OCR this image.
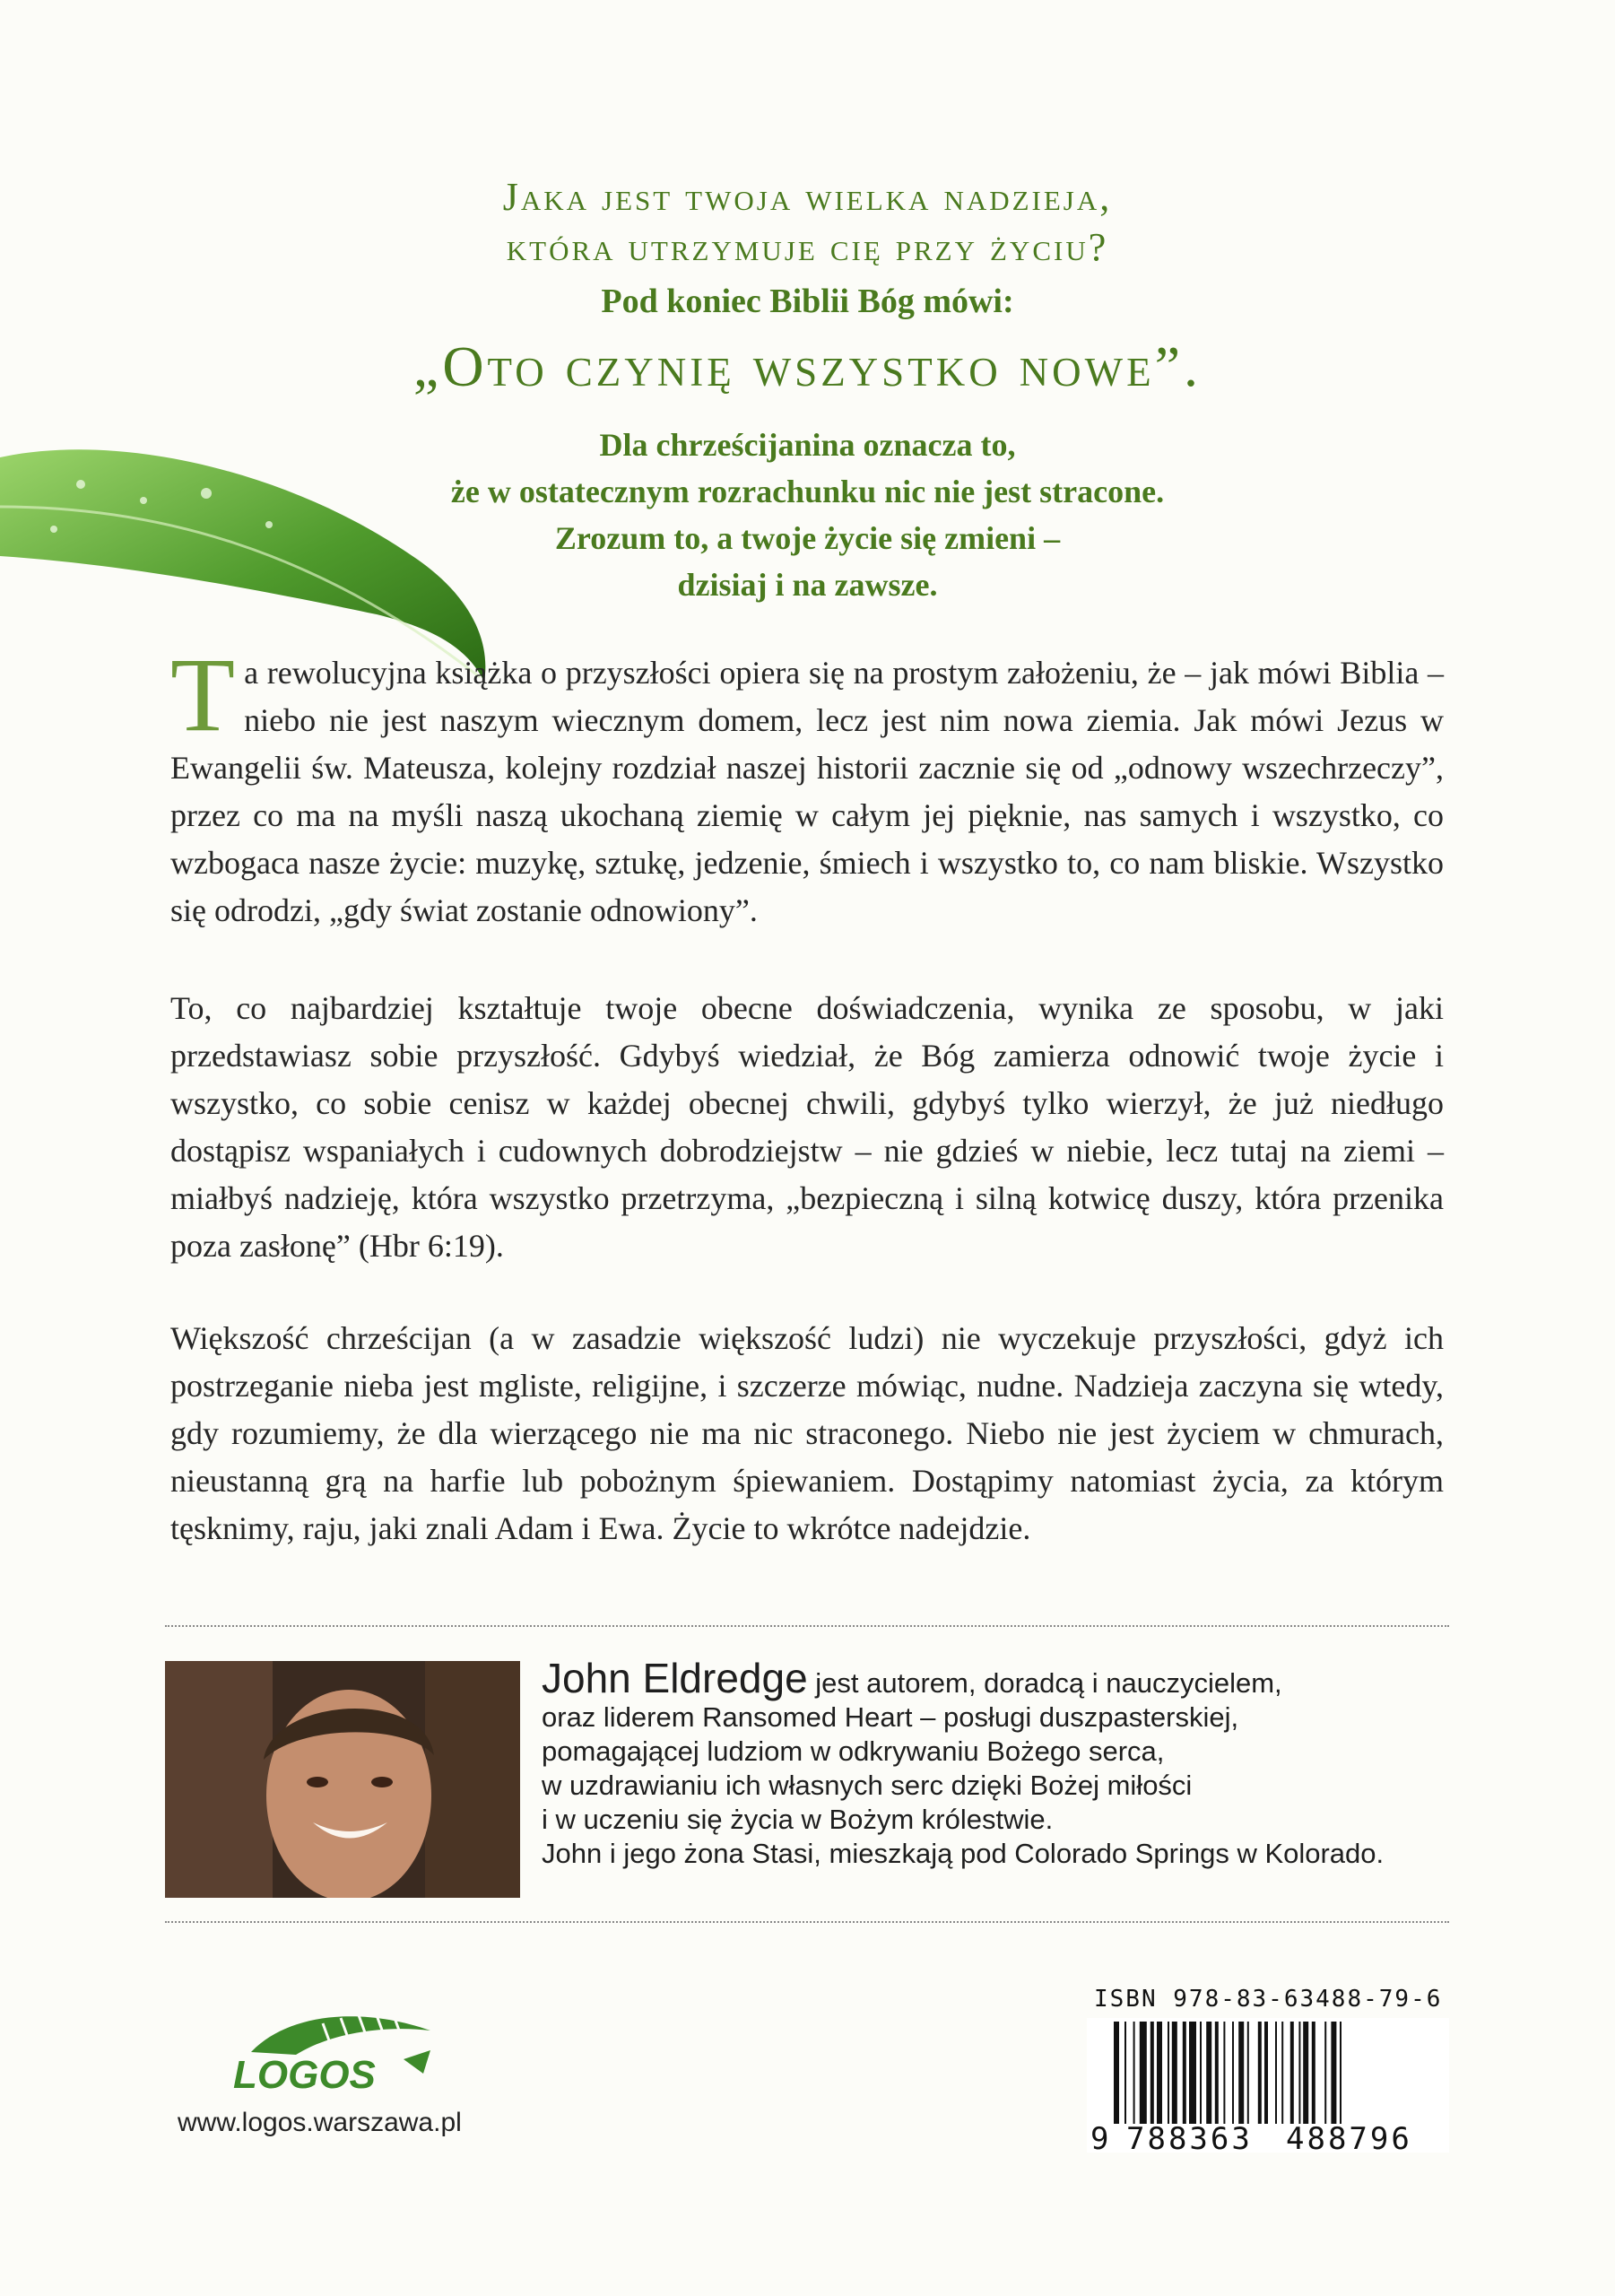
Jaka jest twoja wielka nadzieja,
która utrzymuje cię przy życiu?
Pod koniec Biblii Bóg mówi:
„Oto czynię wszystko nowe”.
Dla chrześcijanina oznacza to,
że w ostatecznym rozrachunku nic nie jest stracone.
Zrozum to, a twoje życie się zmieni –
dzisiaj i na zawsze.
Ta rewolucyjna książka o przyszłości opiera się na prostym założeniu, że – jak mówi Biblia – niebo nie jest naszym wiecznym domem, lecz jest nim nowa ziemia. Jak mówi Jezus w Ewangelii św. Mateusza, kolejny rozdział naszej historii zacznie się od „odnowy wszechrzeczy”, przez co ma na myśli naszą ukochaną ziemię w całym jej pięknie, nas samych i wszystko, co wzbogaca nasze życie: muzykę, sztukę, jedzenie, śmiech i wszystko to, co nam bliskie. Wszystko się odrodzi, „gdy świat zostanie odnowiony”.
To, co najbardziej kształtuje twoje obecne doświadczenia, wynika ze sposobu, w jaki przedstawiasz sobie przyszłość. Gdybyś wiedział, że Bóg zamierza odnowić twoje życie i wszystko, co sobie cenisz w każdej obecnej chwili, gdybyś tylko wierzył, że już niedługo dostąpisz wspaniałych i cudownych dobrodziejstw – nie gdzieś w niebie, lecz tutaj na ziemi – miałbyś nadzieję, która wszystko przetrzyma, „bezpieczną i silną kotwicę duszy, która przenika poza zasłonę” (Hbr 6:19).
Większość chrześcijan (a w zasadzie większość ludzi) nie wyczekuje przyszłości, gdyż ich postrzeganie nieba jest mgliste, religijne, i szczerze mówiąc, nudne. Nadzieja zaczyna się wtedy, gdy rozumiemy, że dla wierzącego nie ma nic straconego. Niebo nie jest życiem w chmurach, nieustanną grą na harfie lub pobożnym śpiewaniem. Dostąpimy natomiast życia, za którym tęsknimy, raju, jaki znali Adam i Ewa. Życie to wkrótce nadejdzie.
John Eldredge jest autorem, doradcą i nauczycielem,
oraz liderem Ransomed Heart – posługi duszpasterskiej,
pomagającej ludziom w odkrywaniu Bożego serca,
w uzdrawianiu ich własnych serc dzięki Bożej miłości
i w uczeniu się życia w Bożym królestwie.
John i jego żona Stasi, mieszkają pod Colorado Springs w Kolorado.
LOGOS
www.logos.warszawa.pl
ISBN 978-83-63488-79-6
9 788363 488796
